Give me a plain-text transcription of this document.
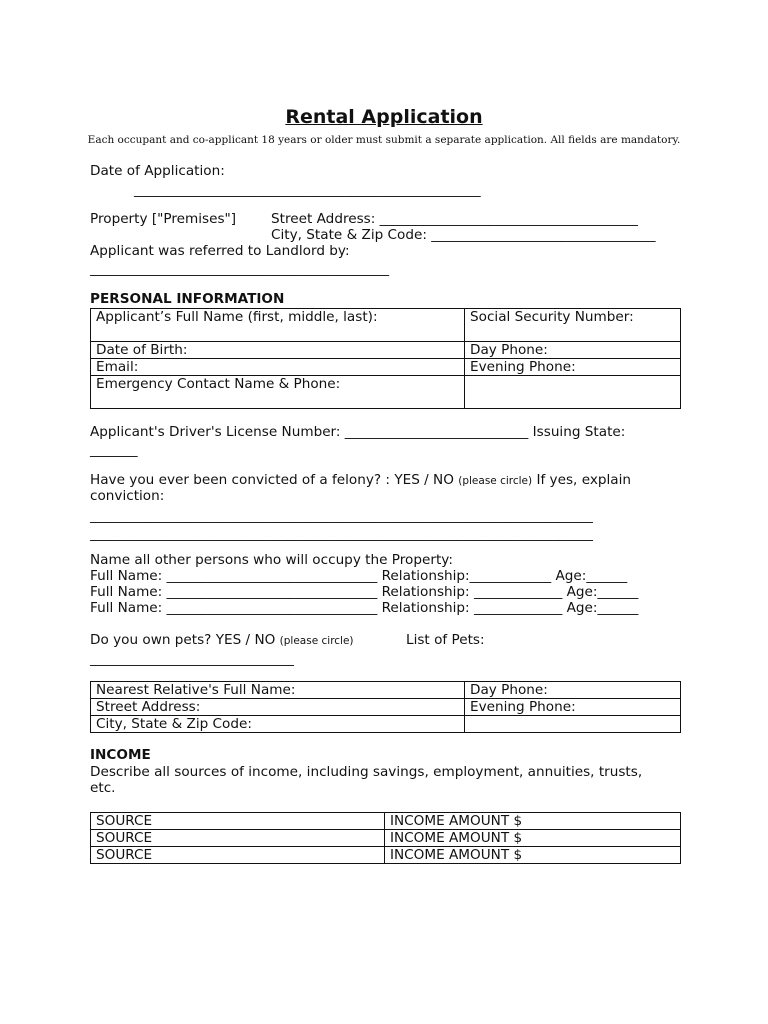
Rental Application
Each occupant and co-applicant 18 years or older must submit a separate application. All fields are mandatory.
Date of Application:
___________________________________________________
Property ["Premises"]	Street Address: ______________________________________
City, State & Zip Code: _________________________________
Applicant was referred to Landlord by:
____________________________________________
PERSONAL INFORMATION
Applicant’s Full Name (first, middle, last):	Social Security Number:
Date of Birth:	Day Phone:
Email:	Evening Phone:
Emergency Contact Name & Phone:	
Applicant's Driver's License Number: ___________________________ Issuing State:
_______
Have you ever been convicted of a felony? : YES / NO (please circle) If yes, explain
conviction:
__________________________________________________________________________
__________________________________________________________________________
Name all other persons who will occupy the Property:
Full Name: _______________________________ Relationship:____________ Age:______
Full Name: _______________________________ Relationship: _____________ Age:______
Full Name: _______________________________ Relationship: _____________ Age:______
Do you own pets? YES / NO (please circle)	List of Pets:
______________________________
Nearest Relative's Full Name:	Day Phone:
Street Address:	Evening Phone:
City, State & Zip Code:	
INCOME
Describe all sources of income, including savings, employment, annuities, trusts,
etc.
SOURCE	INCOME AMOUNT $
SOURCE	INCOME AMOUNT $
SOURCE	INCOME AMOUNT $
